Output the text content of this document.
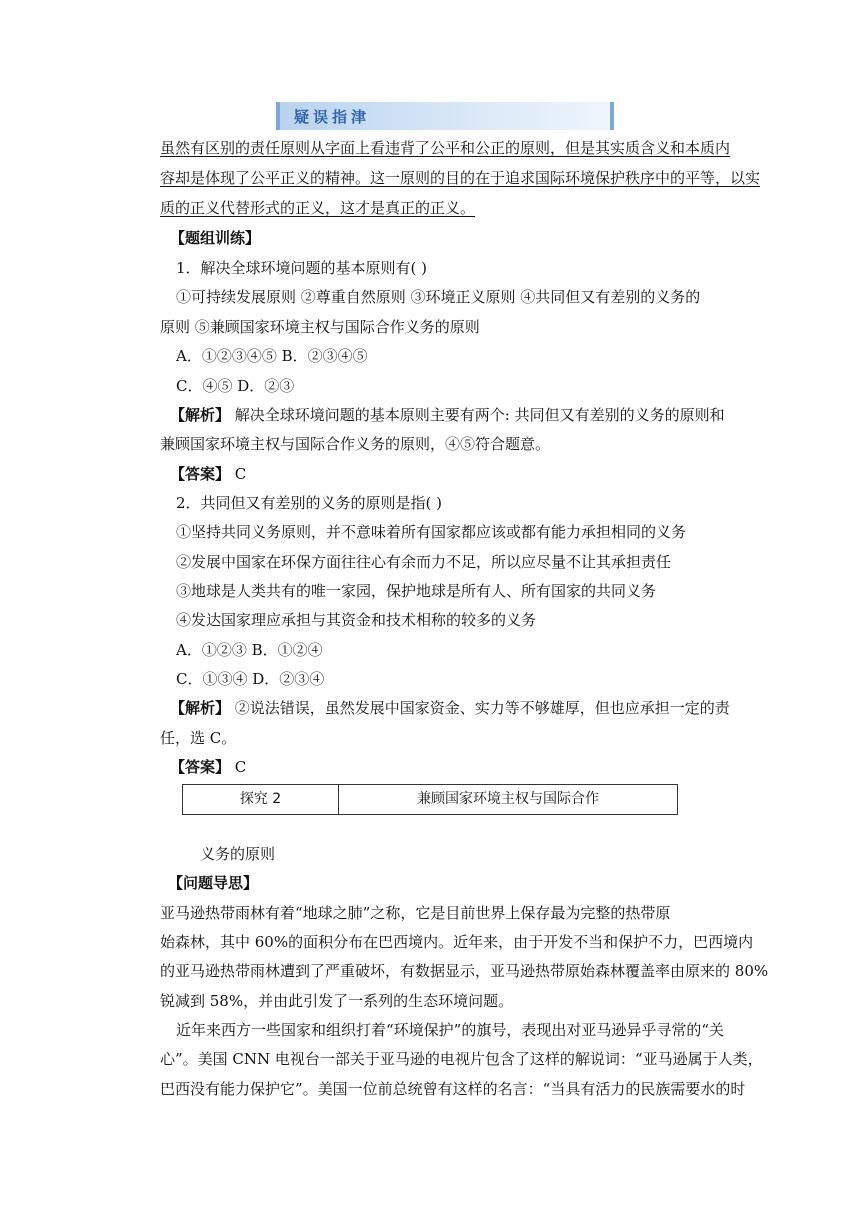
疑误指津
虽然有区别的责任原则从字面上看违背了公平和公正的原则，但是其实质含义和本质内
容却是体现了公平正义的精神。这一原则的目的在于追求国际环境保护秩序中的平等，以实
质的正义代替形式的正义，这才是真正的正义。
【题组训练】
1．解决全球环境问题的基本原则有( )
①可持续发展原则 ②尊重自然原则 ③环境正义原则 ④共同但又有差别的义务的
原则 ⑤兼顾国家环境主权与国际合作义务的原则
A．①②③④⑤ B．②③④⑤
C．④⑤ D．②③
【解析】 解决全球环境问题的基本原则主要有两个: 共同但又有差别的义务的原则和
兼顾国家环境主权与国际合作义务的原则，④⑤符合题意。
【答案】 C
2．共同但又有差别的义务的原则是指( )
①坚持共同义务原则，并不意味着所有国家都应该或都有能力承担相同的义务
②发展中国家在环保方面往往心有余而力不足，所以应尽量不让其承担责任
③地球是人类共有的唯一家园，保护地球是所有人、所有国家的共同义务
④发达国家理应承担与其资金和技术相称的较多的义务
A．①②③ B．①②④
C．①③④ D．②③④
【解析】 ②说法错误，虽然发展中国家资金、实力等不够雄厚，但也应承担一定的责
任，选 C。
【答案】 C
探究 2	兼顾国家环境主权与国际合作
义务的原则
【问题导思】
亚马逊热带雨林有着“地球之肺”之称，它是目前世界上保存最为完整的热带原
始森林，其中 60%的面积分布在巴西境内。近年来，由于开发不当和保护不力，巴西境内
的亚马逊热带雨林遭到了严重破坏，有数据显示，亚马逊热带原始森林覆盖率由原来的 80%
锐减到 58%，并由此引发了一系列的生态环境问题。
近年来西方一些国家和组织打着“环境保护”的旗号，表现出对亚马逊异乎寻常的“关
心”。美国 CNN 电视台一部关于亚马逊的电视片包含了这样的解说词：“亚马逊属于人类，
巴西没有能力保护它”。美国一位前总统曾有这样的名言：“当具有活力的民族需要水的时
